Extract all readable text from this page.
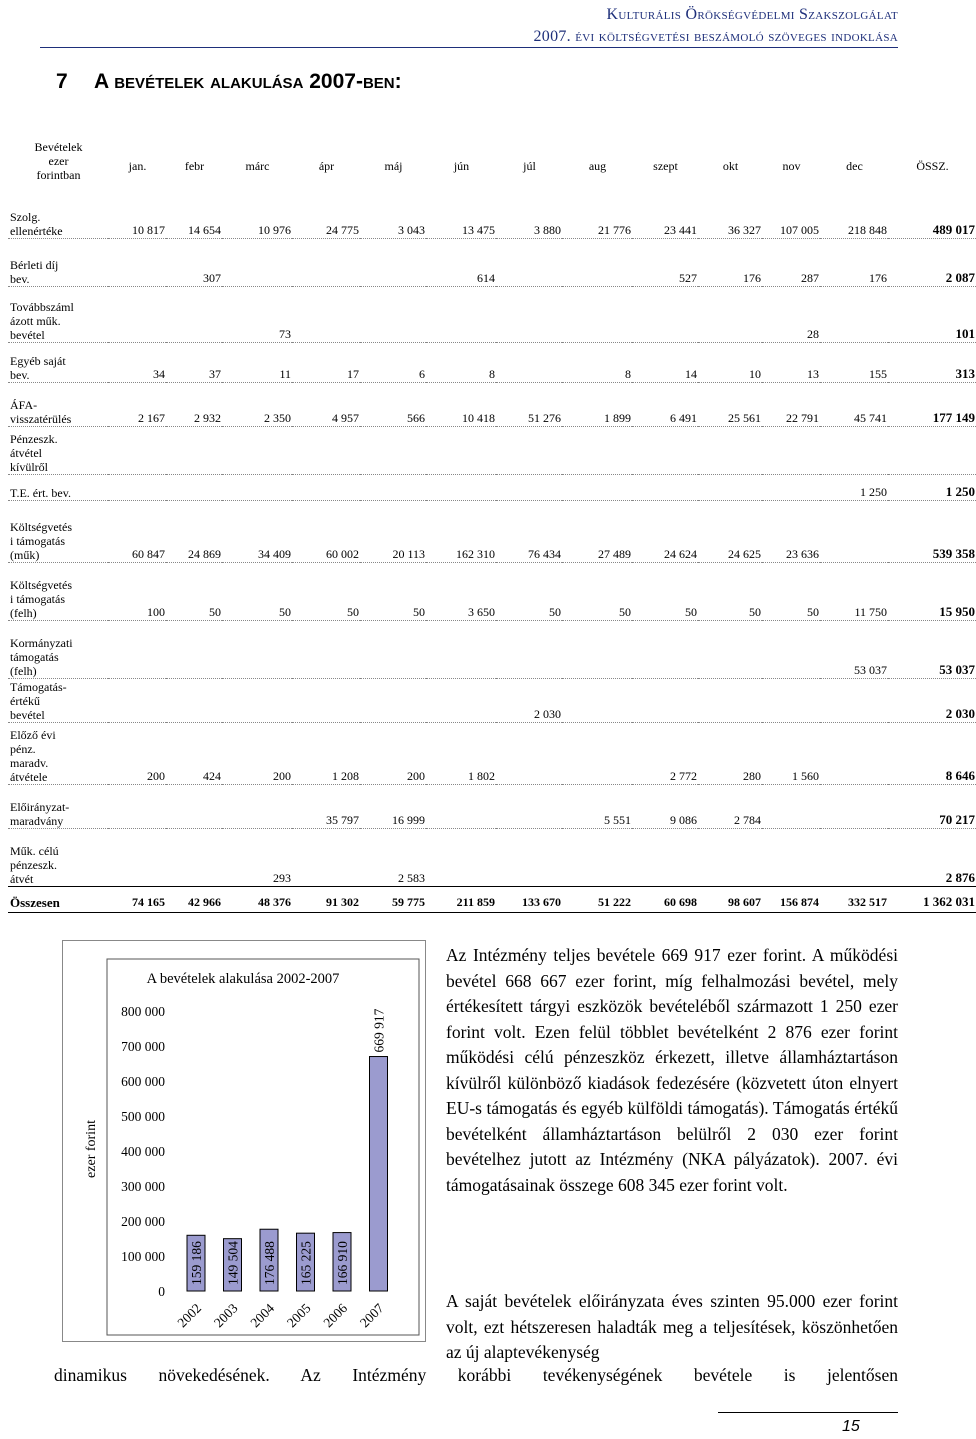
Kulturális Örökségvédelmi Szakszolgálat
2007. évi költségvetési beszámoló szöveges indoklása
7 A bevételek alakulása 2007-ben:
Bevételek
ezer
forintban	jan.	febr	márc	ápr	máj	jún	júl	aug	szept	okt	nov	dec	ÖSSZ.

Szolg.
ellenértéke	10 817	14 654	10 976	24 775	3 043	13 475	3 880	21 776	23 441	36 327	107 005	218 848	489 017

Bérleti díj
bev.		307				614			527	176	287	176	2 087

Továbbszáml
ázott műk.
bevétel			73								28		101

Egyéb saját
bev.	34	37	11	17	6	8		8	14	10	13	155	313

ÁFA-
visszatérülés	2 167	2 932	2 350	4 957	566	10 418	51 276	1 899	6 491	25 561	22 791	45 741	177 149

Pénzeszk.
átvétel
kívülről													

T.E. ért. bev.												1 250	1 250

Költségvetés
i támogatás
(műk)	60 847	24 869	34 409	60 002	20 113	162 310	76 434	27 489	24 624	24 625	23 636		539 358

Költségvetés
i támogatás
(felh)	100	50	50	50	50	3 650	50	50	50	50	50	11 750	15 950

Kormányzati
támogatás
(felh)												53 037	53 037

Támogatás-
értékű
bevétel							2 030						2 030

Előző évi
pénz.
maradv.
átvétele	200	424	200	1 208	200	1 802			2 772	280	1 560		8 646

Előirányzat-
maradvány				35 797	16 999			5 551	9 086	2 784			70 217

Műk. célú
pénzeszk.
átvét			293		2 583								2 876
Összesen	74 165	42 966	48 376	91 302	59 775	211 859	133 670	51 222	60 698	98 607	156 874	332 517	1 362 031
A bevételek alakulása 2002-2007
ezer forint
0
100 000
200 000
300 000
400 000
500 000
600 000
700 000
800 000
159 186
2002
149 504
2003
176 488
2004
165 225
2005
166 910
2006
669 917
2007
Az Intézmény teljes bevétele 669 917 ezer forint. A működési bevétel 668 667 ezer forint, míg felhalmozási bevétel, mely értékesített tárgyi eszközök bevételéből származott 1 250 ezer forint volt. Ezen felül többlet bevételként 2 876 ezer forint működési célú pénzeszköz érkezett, illetve államháztartáson kívülről különböző kiadások fedezésére (közvetett úton elnyert EU-s támogatás és egyéb külföldi támogatás). Támogatás értékű bevételként államháztartáson belülről 2 030 ezer forint bevételhez jutott az Intézmény (NKA pályázatok). 2007. évi támogatásainak összege 608 345 ezer forint volt.
A saját bevételek előirányzata éves szinten 95.000 ezer forint volt, ezt hétszeresen haladták meg a teljesítések, köszönhetően az új alaptevékenység
dinamikus növekedésének. Az Intézmény korábbi tevékenységének bevétele is jelentősen
15
